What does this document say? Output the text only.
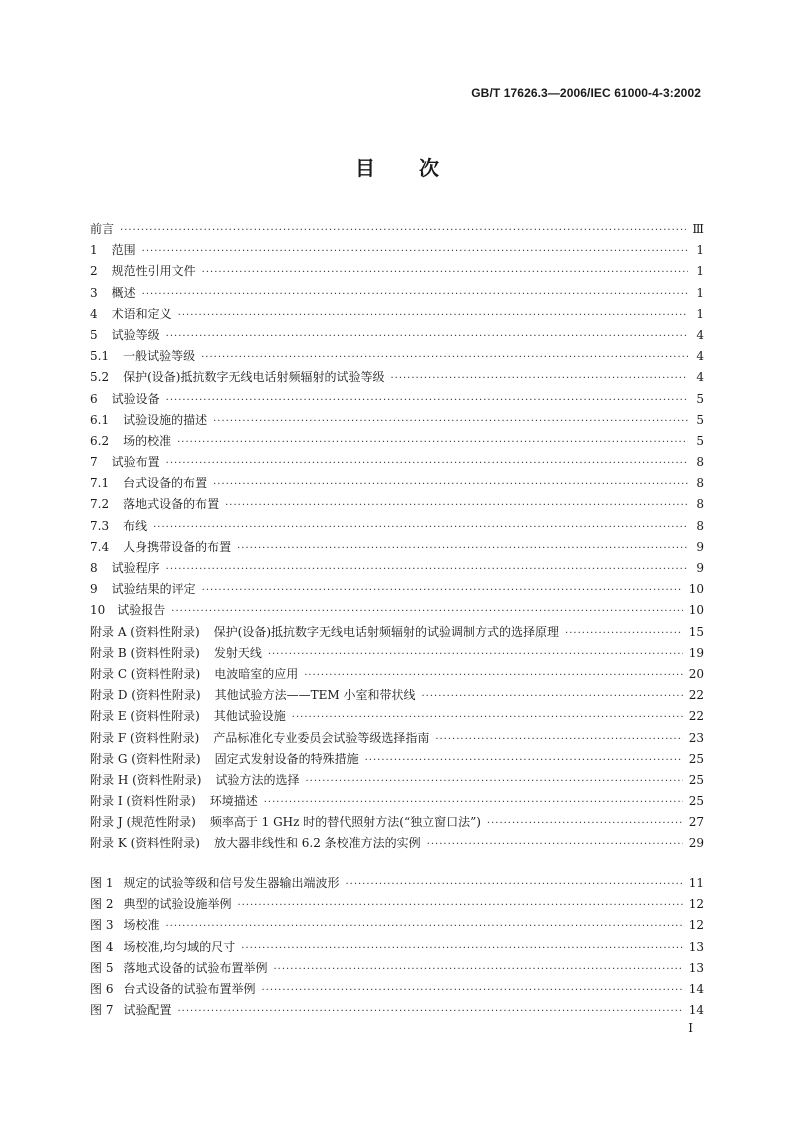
GB/T 17626.3—2006/IEC 61000-4-3:2002
目 次
前言 ·····	Ⅲ
1 范围 ·····	1
2 规范性引用文件 ·····	1
3 概述 ·····	1
4 术语和定义 ·····	1
5 试验等级 ·····	4
5.1 一般试验等级 ·····	4
5.2 保护(设备)抵抗数字无线电话射频辐射的试验等级 ·····	4
6 试验设备 ·····	5
6.1 试验设施的描述 ·····	5
6.2 场的校准 ·····	5
7 试验布置 ·····	8
7.1 台式设备的布置 ·····	8
7.2 落地式设备的布置 ·····	8
7.3 布线 ·····	8
7.4 人身携带设备的布置 ·····	9
8 试验程序 ·····	9
9 试验结果的评定 ·····	10
10 试验报告 ·····	10
附录 A (资料性附录) 保护(设备)抵抗数字无线电话射频辐射的试验调制方式的选择原理 ·····	15
附录 B (资料性附录) 发射天线 ·····	19
附录 C (资料性附录) 电波暗室的应用 ·····	20
附录 D (资料性附录) 其他试验方法——TEM 小室和带状线 ·····	22
附录 E (资料性附录) 其他试验设施 ·····	22
附录 F (资料性附录) 产品标准化专业委员会试验等级选择指南 ·····	23
附录 G (资料性附录) 固定式发射设备的特殊措施 ·····	25
附录 H (资料性附录) 试验方法的选择 ·····	25
附录 I (资料性附录) 环境描述 ·····	25
附录 J (规范性附录) 频率高于 1 GHz 时的替代照射方法(“独立窗口法”) ·····	27
附录 K (资料性附录) 放大器非线性和 6.2 条校准方法的实例 ·····	29
图 1 规定的试验等级和信号发生器输出端波形 ·····	11
图 2 典型的试验设施举例 ·····	12
图 3 场校准 ·····	12
图 4 场校准,均匀域的尺寸 ·····	13
图 5 落地式设备的试验布置举例 ·····	13
图 6 台式设备的试验布置举例 ·····	14
图 7 试验配置 ·····	14
I
